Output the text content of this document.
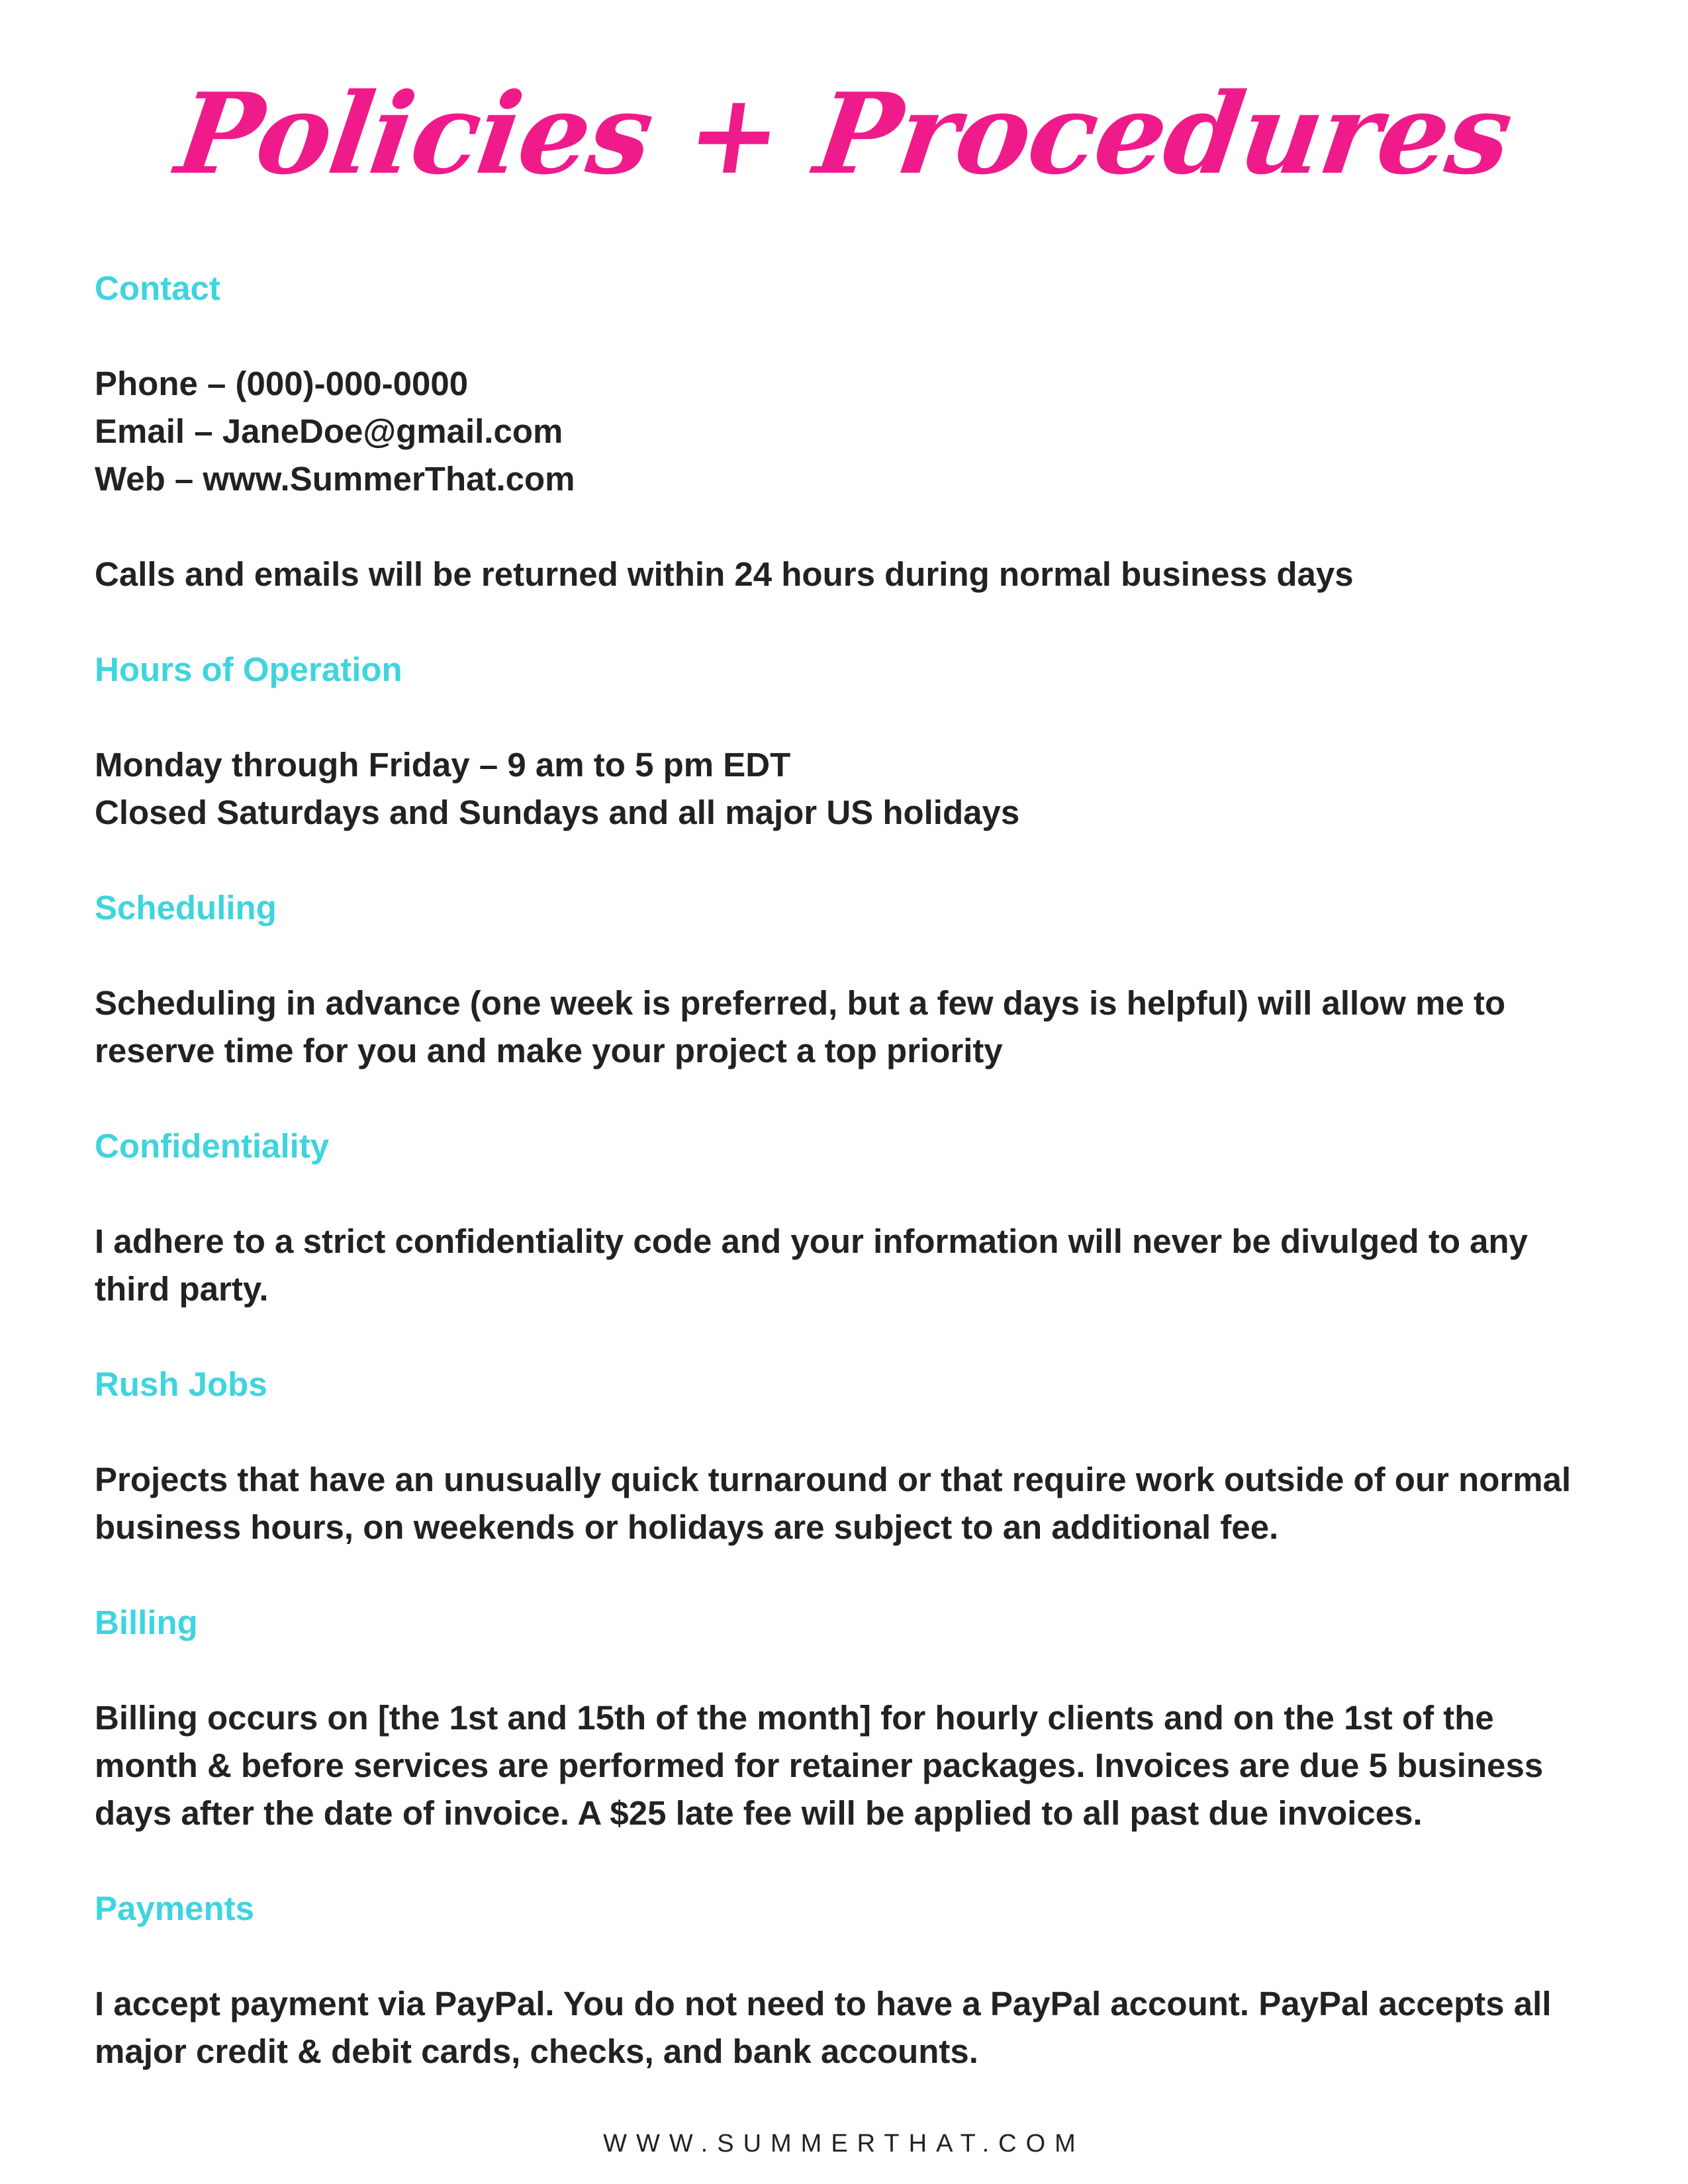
Policies + Procedures
Contact
Phone – (000)-000-0000
Email – JaneDoe@gmail.com
Web – www.SummerThat.com
Calls and emails will be returned within 24 hours during normal business days
Hours of Operation
Monday through Friday – 9 am to 5 pm EDT
Closed Saturdays and Sundays and all major US holidays
Scheduling
Scheduling in advance (one week is preferred, but a few days is helpful) will allow me to reserve time for you and make your project a top priority
Confidentiality
I adhere to a strict confidentiality code and your information will never be divulged to any third party.
Rush Jobs
Projects that have an unusually quick turnaround or that require work outside of our normal business hours, on weekends or holidays are subject to an additional fee.
Billing
Billing occurs on [the 1st and 15th of the month] for hourly clients and on the 1st of the month & before services are performed for retainer packages. Invoices are due 5 business days after the date of invoice. A $25 late fee will be applied to all past due invoices.
Payments
I accept payment via PayPal. You do not need to have a PayPal account. PayPal accepts all major credit & debit cards, checks, and bank accounts.
WWW.SUMMERTHAT.COM
